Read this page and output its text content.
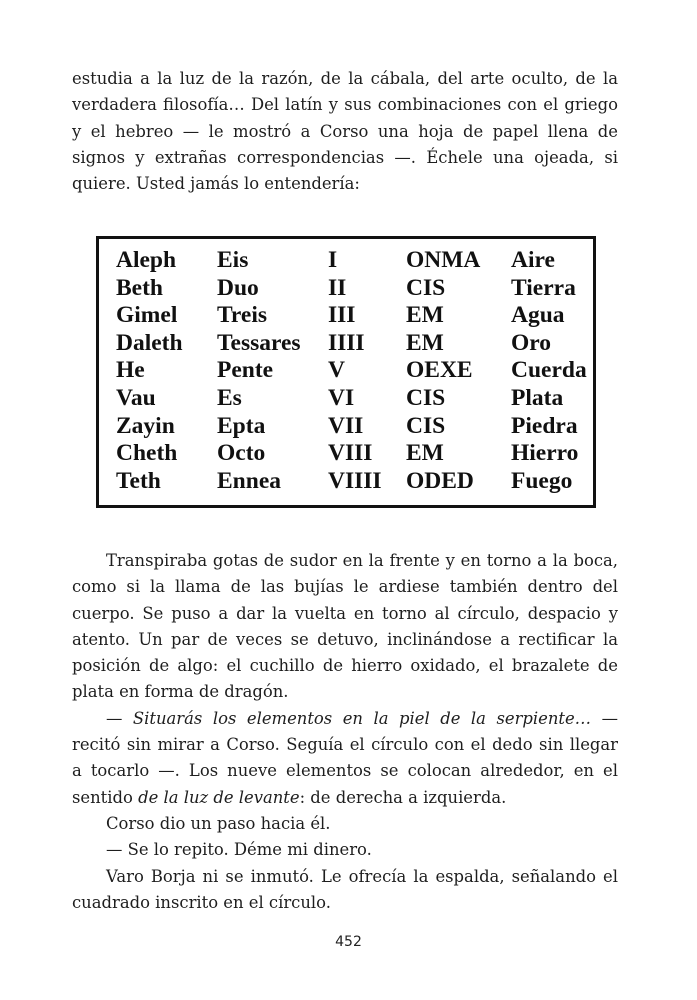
estudia a la luz de la razón, de la cábala, del arte oculto, de la verdadera filosofía… Del latín y sus combinaciones con el griego y el hebreo — le mostró a Corso una hoja de papel llena de signos y extrañas correspondencias —. Échele una ojeada, si quiere. Usted jamás lo entendería:

Aleph	Eis	I	ONMA	Aire
Beth	Duo	II	CIS	Tierra
Gimel	Treis	III	EM	Agua
Daleth	Tessares	IIII	EM	Oro
He	Pente	V	OEXE	Cuerda
Vau	Es	VI	CIS	Plata
Zayin	Epta	VII	CIS	Piedra
Cheth	Octo	VIII	EM	Hierro
Teth	Ennea	VIIII	ODED	Fuego

Transpiraba gotas de sudor en la frente y en torno a la boca, como si la llama de las bujías le ardiese también dentro del cuerpo. Se puso a dar la vuelta en torno al círculo, despacio y atento. Un par de veces se detuvo, inclinándose a rectificar la posición de algo: el cuchillo de hierro oxidado, el brazalete de plata en forma de dragón.

— Situarás los elementos en la piel de la serpiente… — recitó sin mirar a Corso. Seguía el círculo con el dedo sin llegar a tocarlo —. Los nueve elementos se colocan alrededor, en el sentido de la luz de levante: de derecha a izquierda.

Corso dio un paso hacia él.

— Se lo repito. Déme mi dinero.

Varo Borja ni se inmutó. Le ofrecía la espalda, señalando el cuadrado inscrito en el círculo.

452
